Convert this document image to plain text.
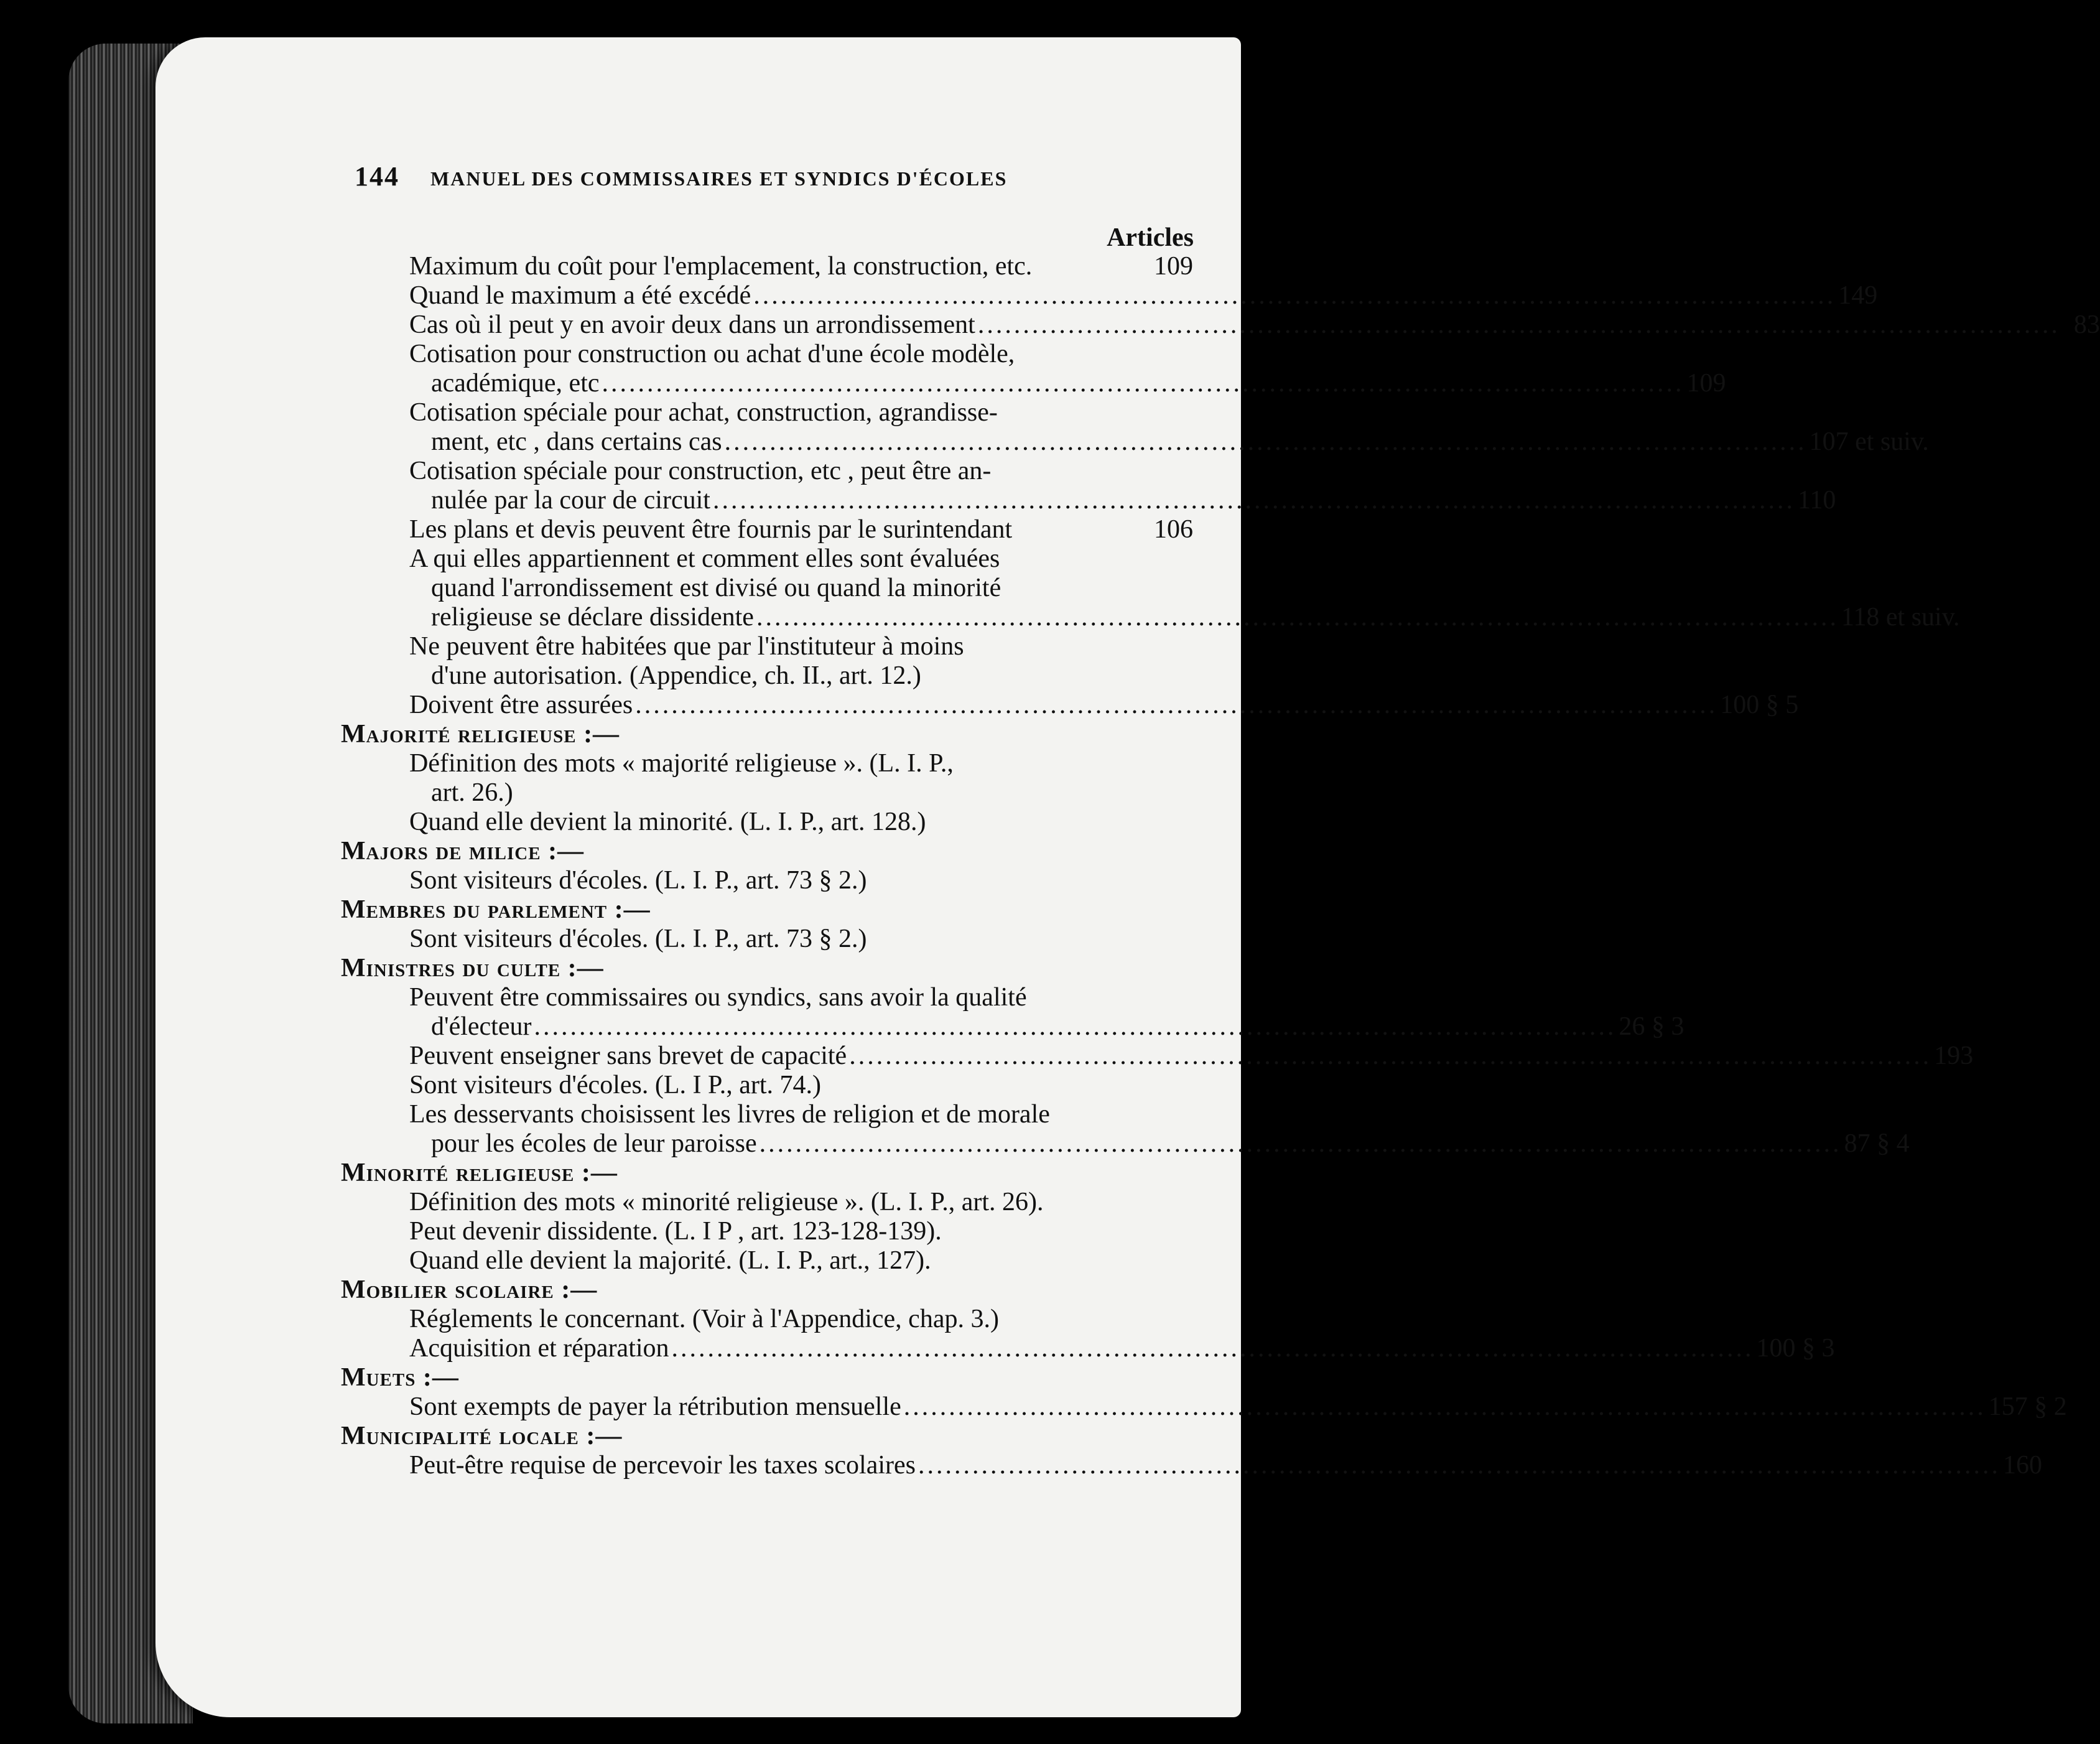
144 MANUEL DES COMMISSAIRES ET SYNDICS D'ÉCOLES
Articles
Maximum du coût pour l'emplacement, la construction, etc.	109
Quand le maximum a été excédé ........................................................................................................................ 149
Cas où il peut y en avoir deux dans un arrondissement ........................................................................................................................ 83
Cotisation pour construction ou achat d'une école modèle,
académique, etc ........................................................................................................................ 109
Cotisation spéciale pour achat, construction, agrandisse-
ment, etc , dans certains cas ........................................................................................................................ 107 et suiv.
Cotisation spéciale pour construction, etc , peut être an-
nulée par la cour de circuit ........................................................................................................................ 110
Les plans et devis peuvent être fournis par le surintendant	106
A qui elles appartiennent et comment elles sont évaluées
quand l'arrondissement est divisé ou quand la minorité
religieuse se déclare dissidente ........................................................................................................................ 118 et suiv.
Ne peuvent être habitées que par l'instituteur à moins
d'une autorisation. (Appendice, ch. II., art. 12.)
Doivent être assurées ........................................................................................................................ 100 § 5
Majorité religieuse :—
Définition des mots « majorité religieuse ». (L. I. P.,
art. 26.)
Quand elle devient la minorité. (L. I. P., art. 128.)
Majors de milice :—
Sont visiteurs d'écoles. (L. I. P., art. 73 § 2.)
Membres du parlement :—
Sont visiteurs d'écoles. (L. I. P., art. 73 § 2.)
Ministres du culte :—
Peuvent être commissaires ou syndics, sans avoir la qualité
d'électeur ........................................................................................................................ 26 § 3
Peuvent enseigner sans brevet de capacité ........................................................................................................................ 193
Sont visiteurs d'écoles. (L. I P., art. 74.)
Les desservants choisissent les livres de religion et de morale
pour les écoles de leur paroisse ........................................................................................................................ 87 § 4
Minorité religieuse :—
Définition des mots « minorité religieuse ». (L. I. P., art. 26).
Peut devenir dissidente. (L. I P , art. 123-128-139).
Quand elle devient la majorité. (L. I. P., art., 127).
Mobilier scolaire :—
Réglements le concernant. (Voir à l'Appendice, chap. 3.)
Acquisition et réparation ........................................................................................................................ 100 § 3
Muets :—
Sont exempts de payer la rétribution mensuelle ........................................................................................................................ 157 § 2
Municipalité locale :—
Peut-être requise de percevoir les taxes scolaires ........................................................................................................................ 160
